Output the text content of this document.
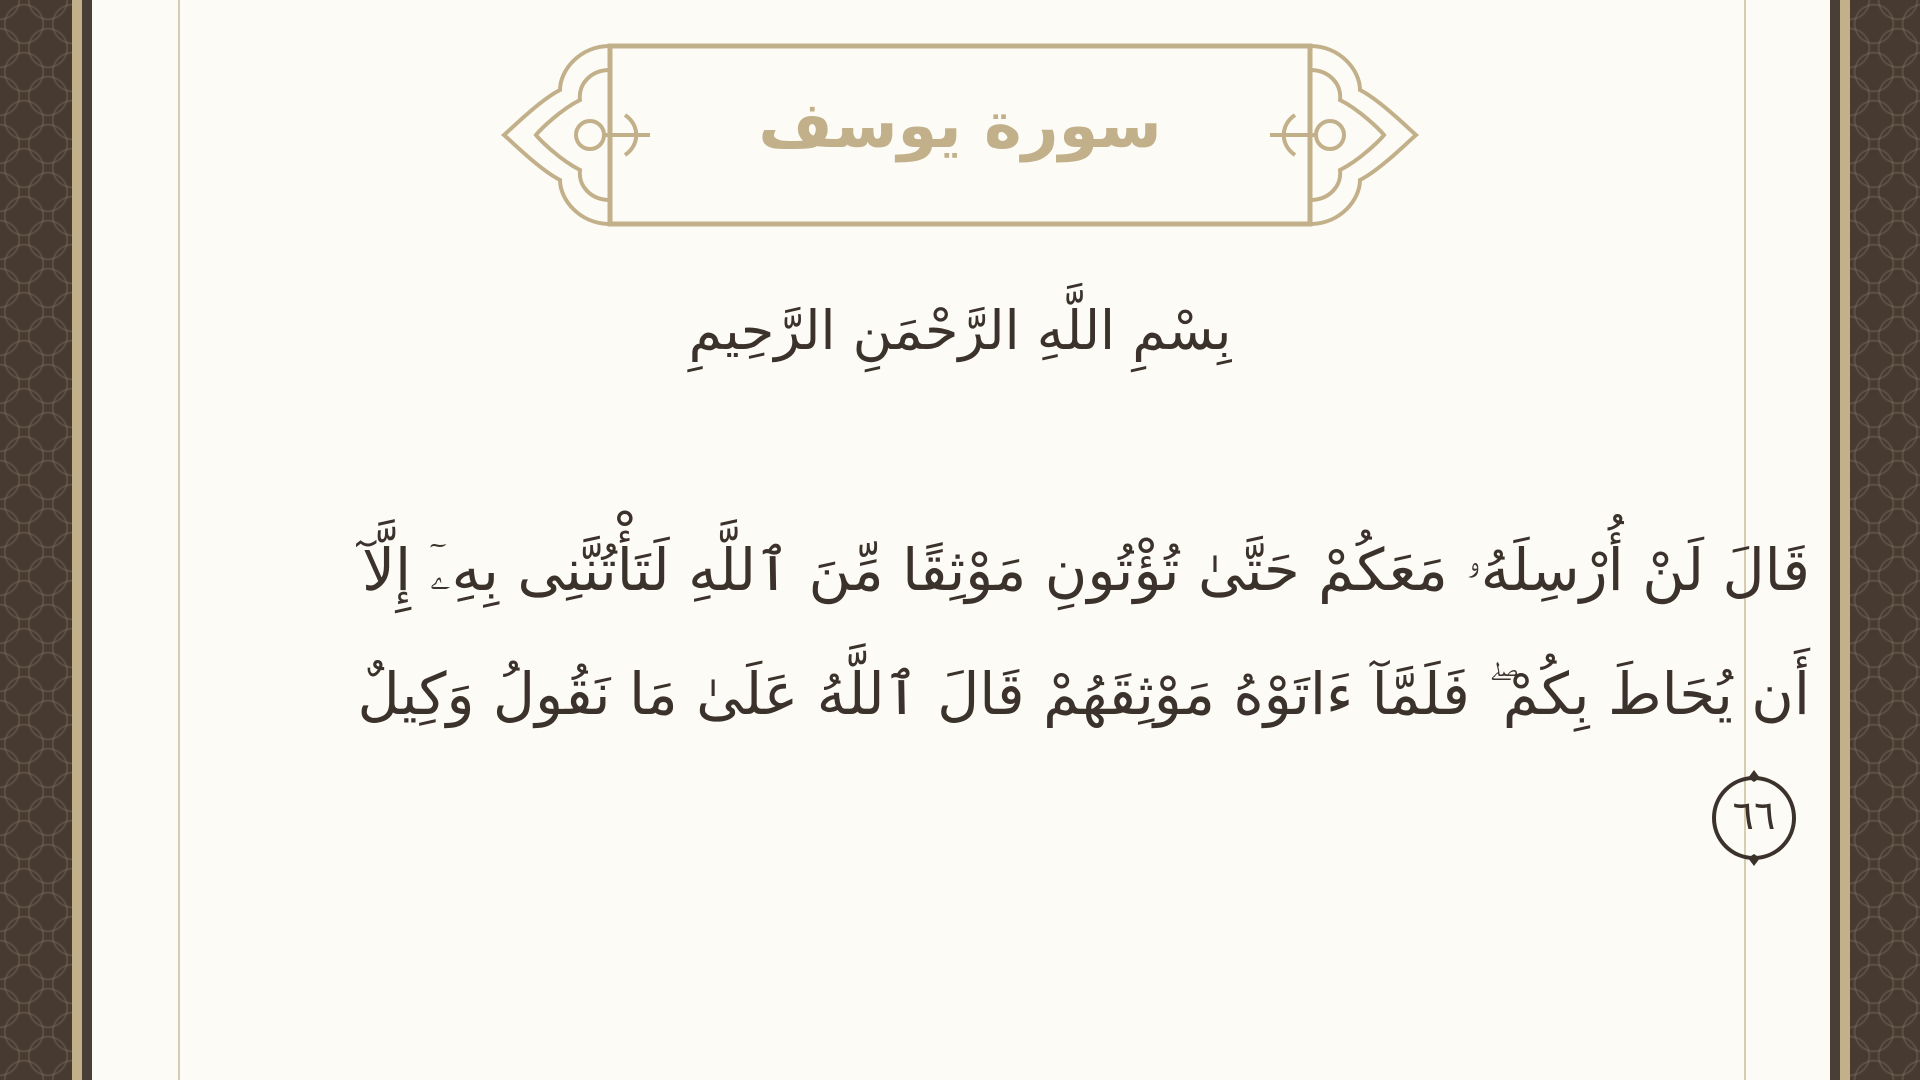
سورة يوسف
بِسْمِ اللَّهِ الرَّحْمَنِ الرَّحِيمِ
قَالَ لَنْ أُرْسِلَهُۥ مَعَكُمْ حَتَّىٰ تُؤْتُونِ مَوْثِقًا مِّنَ ٱللَّهِ لَتَأْتُنَّنِى بِهِۦٓ إِلَّآ أَن يُحَاطَ بِكُمْ ۖ فَلَمَّآ ءَاتَوْهُ مَوْثِقَهُمْ قَالَ ٱللَّهُ عَلَىٰ مَا نَقُولُ وَكِيلٌ
٦٦
